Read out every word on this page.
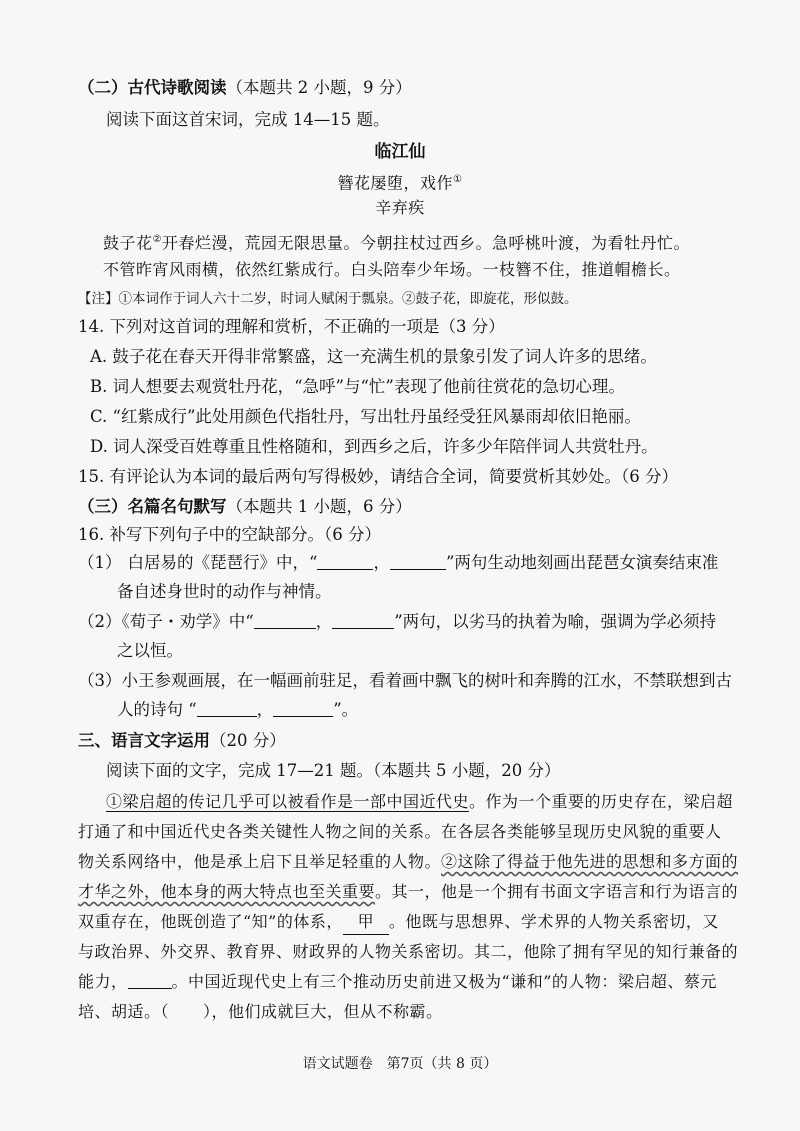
（二）古代诗歌阅读（本题共 2 小题，9 分）
阅读下面这首宋词，完成 14—15 题。
临江仙
簪花屡堕，戏作①
辛弃疾
鼓子花②开春烂漫，荒园无限思量。今朝拄杖过西乡。急呼桃叶渡，为看牡丹忙。
不管昨宵风雨横，依然红紫成行。白头陪奉少年场。一枝簪不住，推道帽檐长。
【注】①本词作于词人六十二岁，时词人赋闲于瓢泉。②鼓子花，即旋花，形似鼓。
14. 下列对这首词的理解和赏析，不正确的一项是（3 分）
A. 鼓子花在春天开得非常繁盛，这一充满生机的景象引发了词人许多的思绪。
B. 词人想要去观赏牡丹花，“急呼”与“忙”表现了他前往赏花的急切心理。
C. “红紫成行”此处用颜色代指牡丹，写出牡丹虽经受狂风暴雨却依旧艳丽。
D. 词人深受百姓尊重且性格随和，到西乡之后，许多少年陪伴词人共赏牡丹。
15. 有评论认为本词的最后两句写得极妙，请结合全词，简要赏析其妙处。（6 分）
（三）名篇名句默写（本题共 1 小题，6 分）
16. 补写下列句子中的空缺部分。（6 分）
（1） 白居易的《琵琶行》中，“	，	”两句生动地刻画出琵琶女演奏结束准
备自述身世时的动作与神情。
（2）《荀子・劝学》中“	，	”两句，以劣马的执着为喻，强调为学必须持
之以恒。
（3）小王参观画展，在一幅画前驻足，看着画中飘飞的树叶和奔腾的江水，不禁联想到古
人的诗句 “	，	”。
三、语言文字运用（20 分）
阅读下面的文字，完成 17—21 题。（本题共 5 小题，20 分）
①梁启超的传记几乎可以被看作是一部中国近代史。作为一个重要的历史存在，梁启超
打通了和中国近代史各类关键性人物之间的关系。在各层各类能够呈现历史风貌的重要人
物关系网络中，他是承上启下且举足轻重的人物。②这除了得益于他先进的思想和多方面的
才华之外，他本身的两大特点也至关重要。其一，他是一个拥有书面文字语言和行为语言的
双重存在，他既创造了“知”的体系， 甲 。他既与思想界、学术界的人物关系密切，又
与政治界、外交界、教育界、财政界的人物关系密切。其二，他除了拥有罕见的知行兼备的
能力，	。中国近现代史上有三个推动历史前进又极为“谦和”的人物：梁启超、蔡元
培、胡适。（ ），他们成就巨大，但从不称霸。
语文试题卷　第7页（共 8 页）
